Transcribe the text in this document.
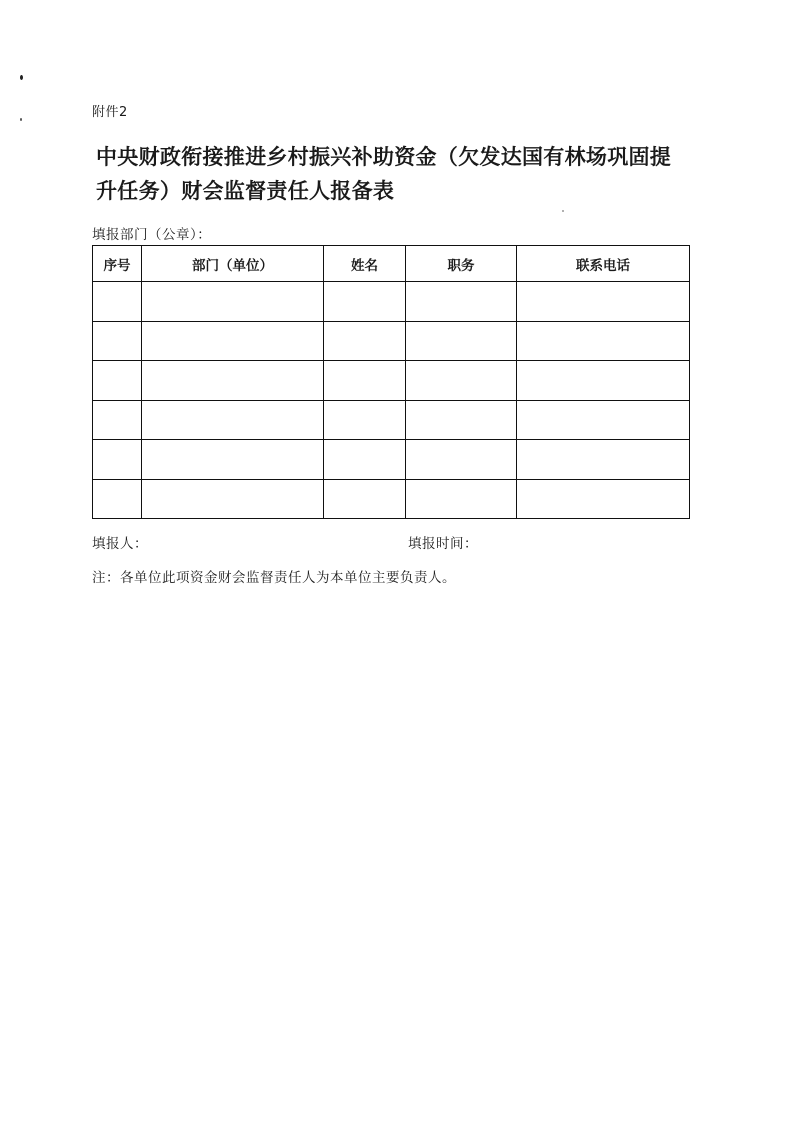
附件2
中央财政衔接推进乡村振兴补助资金（欠发达国有林场巩固提
升任务）财会监督责任人报备表
填报部门（公章）：
序号	部门（单位）	姓名	职务	联系电话

填报人：	填报时间：
注：各单位此项资金财会监督责任人为本单位主要负责人。
